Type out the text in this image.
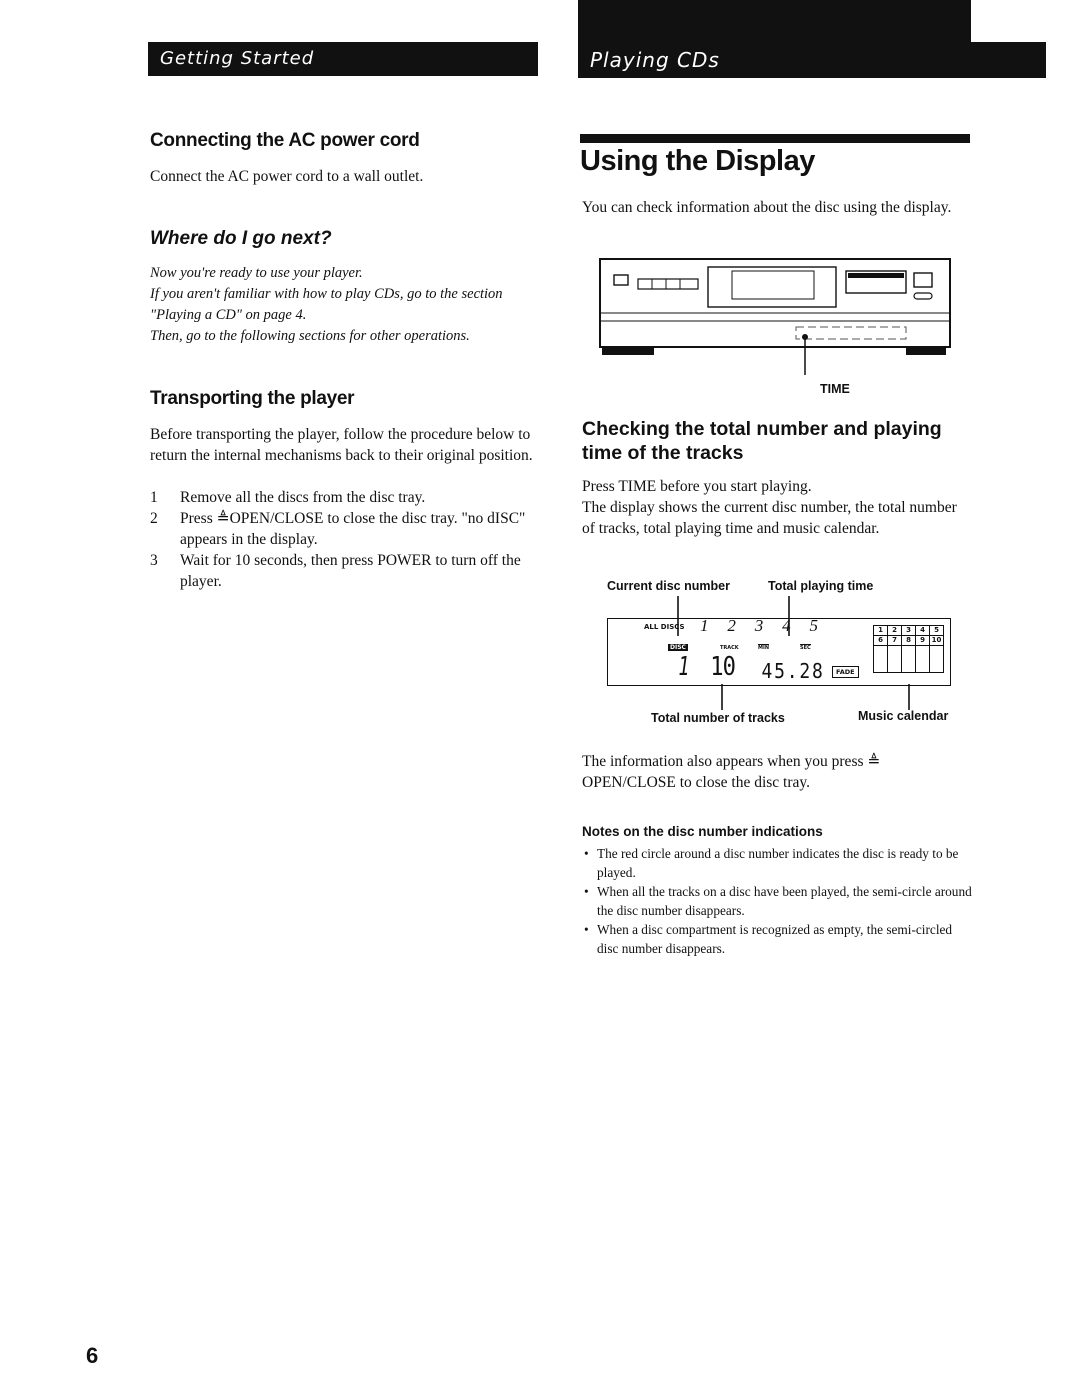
Getting Started	Playing CDs
Connecting the AC power cord
Connect the AC power cord to a wall outlet.
Where do I go next?
Now you're ready to use your player.
If you aren't familiar with how to play CDs, go to the section
"Playing a CD" on page 4.
Then, go to the following sections for other operations.
Transporting the player
Before transporting the player, follow the procedure below to return the internal mechanisms back to their original position.
1 Remove all the discs from the disc tray.
2 Press ≜OPEN/CLOSE to close the disc tray. "no dISC" appears in the display.
3 Wait for 10 seconds, then press POWER to turn off the player.
Using the Display
You can check information about the disc using the display.
TIME
Checking the total number and playing time of the tracks
Press TIME before you start playing.
The display shows the current disc number, the total number of tracks, total playing time and music calendar.
Current disc number	Total playing time
ALL DISCS 1 2 3 4 5
DISC	TRACK	MIN	SEC
1 10 45.28	FADE
1	2	3	4	5
6	7	8	9 10
Total number of tracks	Music calendar
The information also appears when you press ≜ OPEN/CLOSE to close the disc tray.
Notes on the disc number indications
• The red circle around a disc number indicates the disc is ready to be played.
• When all the tracks on a disc have been played, the semi-circle around the disc number disappears.
• When a disc compartment is recognized as empty, the semi-circled disc number disappears.
6
